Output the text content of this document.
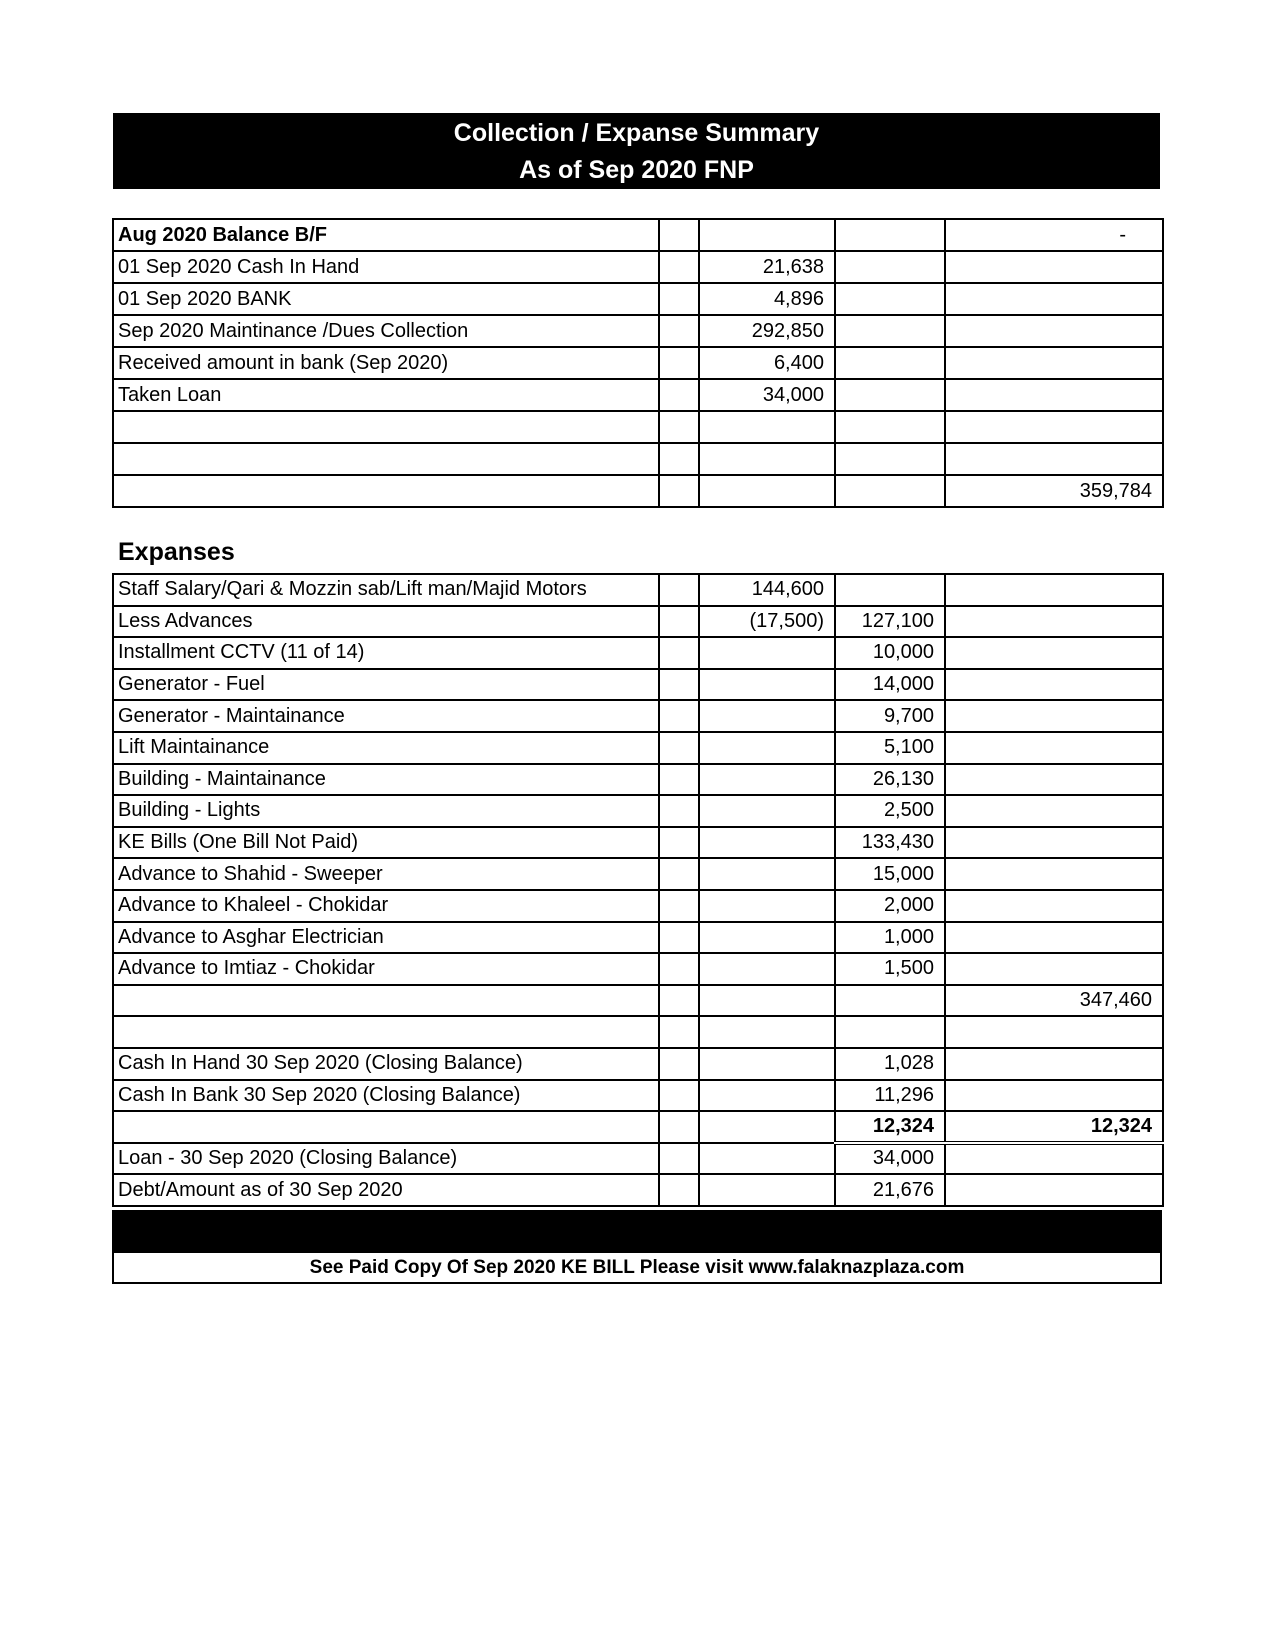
Collection / Expanse Summary
As of Sep 2020 FNP
Aug 2020 Balance B/F				-
01 Sep 2020 Cash In Hand		21,638		
01 Sep 2020 BANK		4,896		
Sep 2020 Maintinance /Dues Collection		292,850		
Received amount in bank (Sep 2020)		6,400		
Taken Loan		34,000		

				359,784
Expanses
Staff Salary/Qari & Mozzin sab/Lift man/Majid Motors		144,600		
Less Advances		(17,500)	127,100	
Installment CCTV (11 of 14)			10,000	
Generator - Fuel			14,000	
Generator - Maintainance			9,700	
Lift Maintainance			5,100	
Building - Maintainance			26,130	
Building - Lights			2,500	
KE Bills (One Bill Not Paid)			133,430	
Advance to Shahid - Sweeper			15,000	
Advance to Khaleel - Chokidar			2,000	
Advance to Asghar Electrician			1,000	
Advance to Imtiaz - Chokidar			1,500	
				347,460

Cash In Hand 30 Sep 2020 (Closing Balance)			1,028	
Cash In Bank 30 Sep 2020 (Closing Balance)			11,296	
			12,324	12,324
Loan - 30 Sep 2020 (Closing Balance)			34,000	
Debt/Amount as of 30 Sep 2020			21,676	
See Paid Copy Of Sep 2020 KE BILL Please visit www.falaknazplaza.com
